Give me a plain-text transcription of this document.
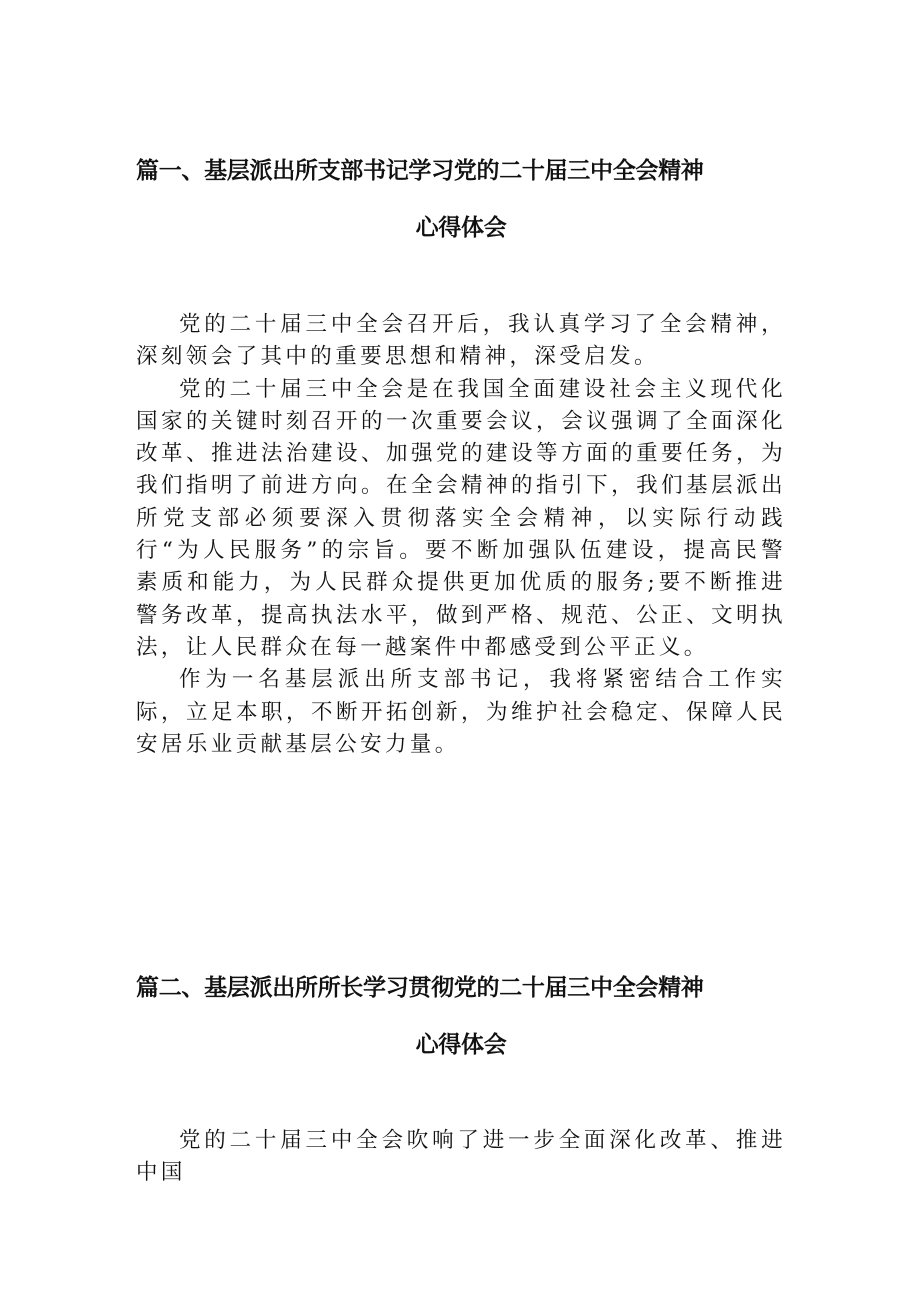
篇一、基层派出所支部书记学习党的二十届三中全会精神
心得体会

党的二十届三中全会召开后，我认真学习了全会精神，深刻领会了其中的重要思想和精神，深受启发。

党的二十届三中全会是在我国全面建设社会主义现代化国家的关键时刻召开的一次重要会议，会议强调了全面深化改革、推进法治建设、加强党的建设等方面的重要任务，为我们指明了前进方向。在全会精神的指引下，我们基层派出所党支部必须要深入贯彻落实全会精神，以实际行动践行“为人民服务”的宗旨。要不断加强队伍建设，提高民警素质和能力，为人民群众提供更加优质的服务;要不断推进警务改革，提高执法水平，做到严格、规范、公正、文明执法，让人民群众在每一越案件中都感受到公平正义。

作为一名基层派出所支部书记，我将紧密结合工作实际，立足本职，不断开拓创新，为维护社会稳定、保障人民安居乐业贡献基层公安力量。

篇二、基层派出所所长学习贯彻党的二十届三中全会精神
心得体会

党的二十届三中全会吹响了进一步全面深化改革、推进中国
